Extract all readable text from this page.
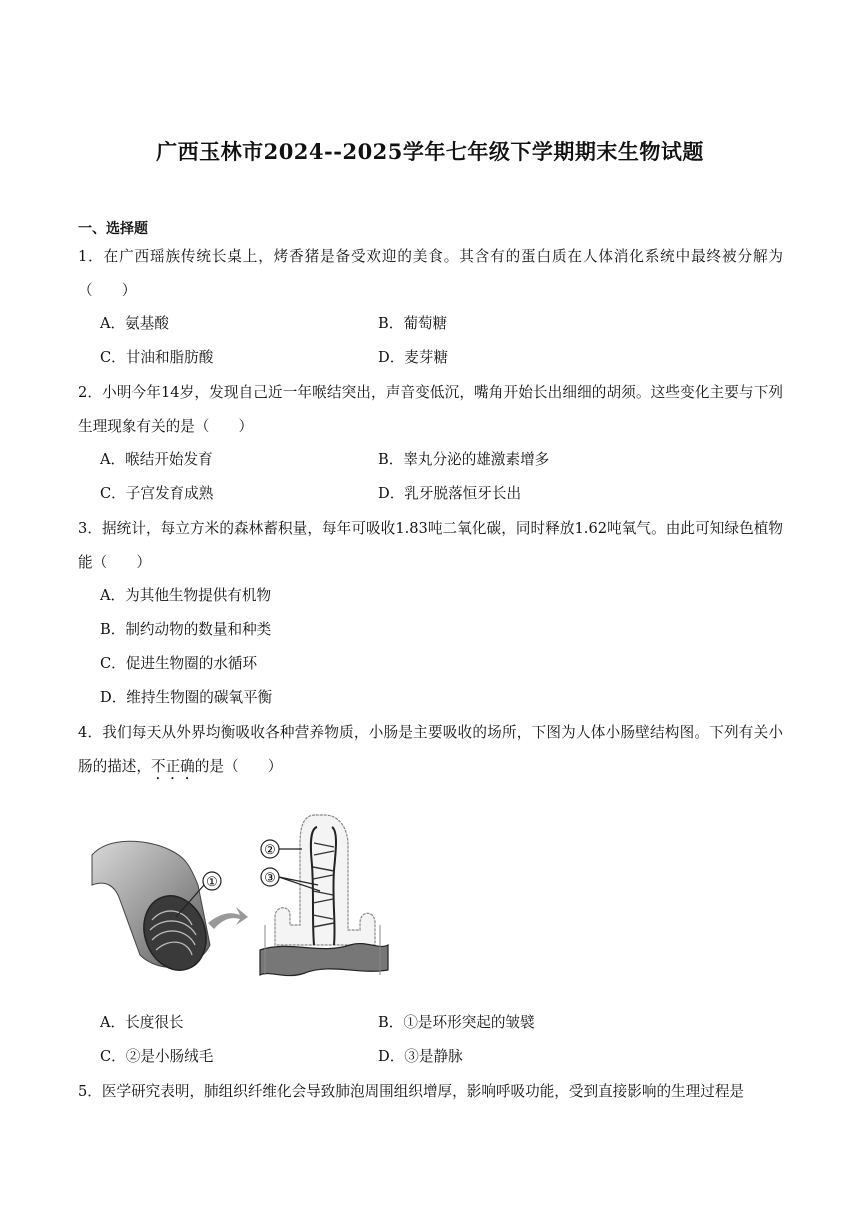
广西玉林市2024--2025学年七年级下学期期末生物试题
一、选择题
1．在广西瑶族传统长桌上，烤香猪是备受欢迎的美食。其含有的蛋白质在人体消化系统中最终被分解为（　　）
A．氨基酸	B．葡萄糖
C．甘油和脂肪酸	D．麦芽糖
2．小明今年14岁，发现自己近一年喉结突出，声音变低沉，嘴角开始长出细细的胡须。这些变化主要与下列生理现象有关的是（　　）
A．喉结开始发育	B．睾丸分泌的雄激素增多
C．子宫发育成熟	D．乳牙脱落恒牙长出
3．据统计，每立方米的森林蓄积量，每年可吸收1.83吨二氧化碳，同时释放1.62吨氧气。由此可知绿色植物能（　　）
A．为其他生物提供有机物
B．制约动物的数量和种类
C．促进生物圈的水循环
D．维持生物圈的碳氧平衡
4．我们每天从外界均衡吸收各种营养物质，小肠是主要吸收的场所，下图为人体小肠壁结构图。下列有关小肠的描述，不正确的是（　　）
①
②
③
A．长度很长	B．①是环形突起的皱襞
C．②是小肠绒毛	D．③是静脉
5．医学研究表明，肺组织纤维化会导致肺泡周围组织增厚，影响呼吸功能，受到直接影响的生理过程是
